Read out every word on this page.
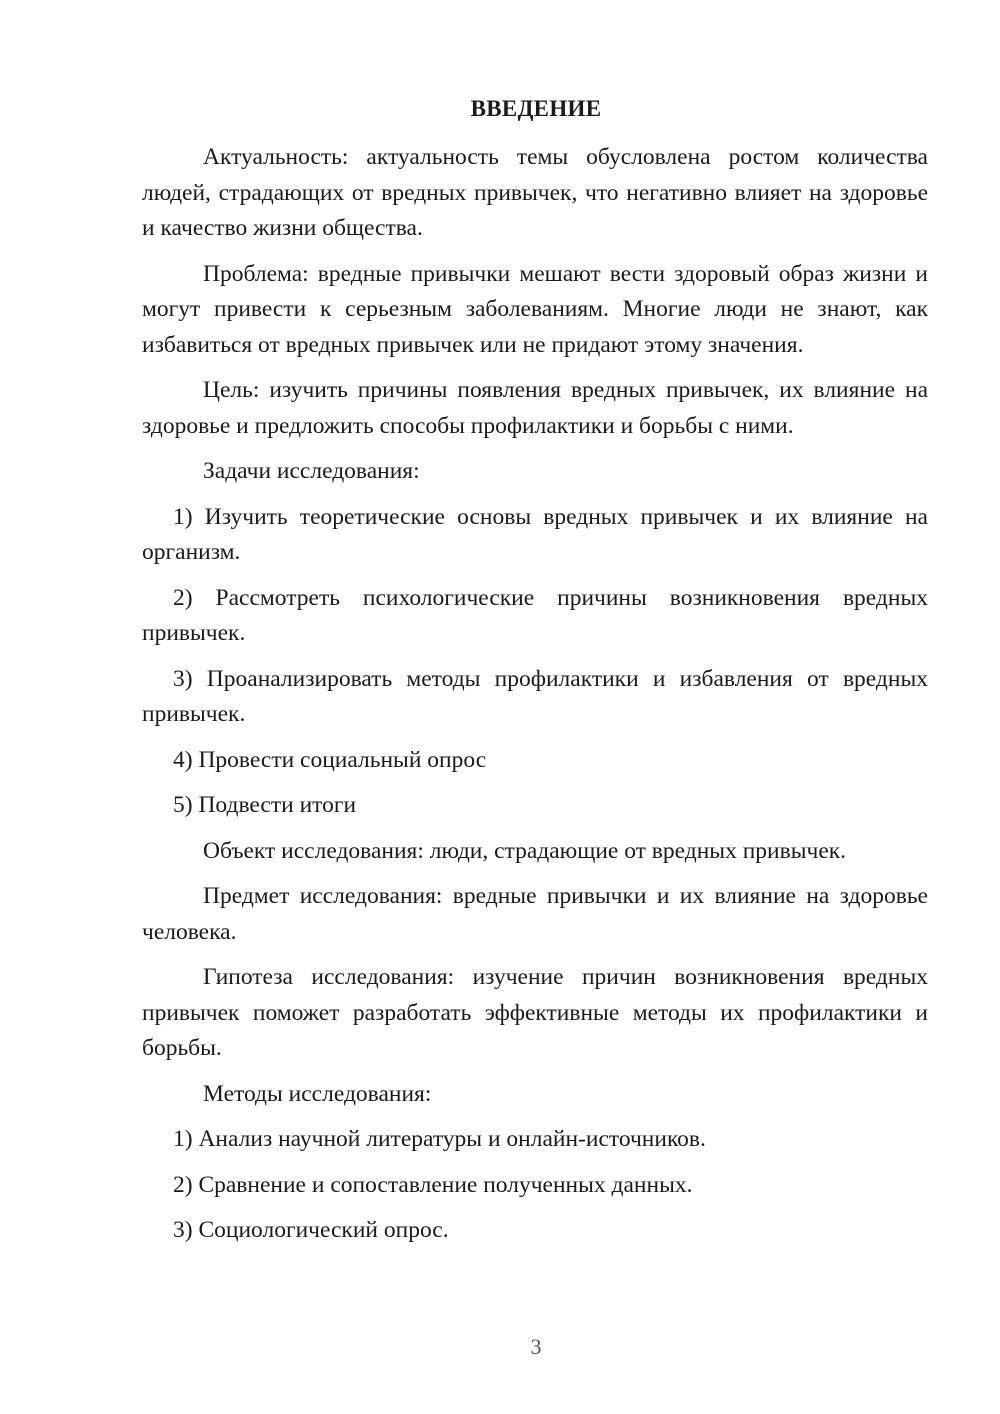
ВВЕДЕНИЕ

Актуальность: актуальность темы обусловлена ростом количества людей, страдающих от вредных привычек, что негативно влияет на здоровье и качество жизни общества.

Проблема: вредные привычки мешают вести здоровый образ жизни и могут привести к серьезным заболеваниям. Многие люди не знают, как избавиться от вредных привычек или не придают этому значения.

Цель: изучить причины появления вредных привычек, их влияние на здоровье и предложить способы профилактики и борьбы с ними.

Задачи исследования:

1) Изучить теоретические основы вредных привычек и их влияние на организм.

2) Рассмотреть психологические причины возникновения вредных привычек.

3) Проанализировать методы профилактики и избавления от вредных привычек.

4) Провести социальный опрос

5) Подвести итоги

Объект исследования: люди, страдающие от вредных привычек.

Предмет исследования: вредные привычки и их влияние на здоровье человека.

Гипотеза исследования: изучение причин возникновения вредных привычек поможет разработать эффективные методы их профилактики и борьбы.

Методы исследования:

1) Анализ научной литературы и онлайн-источников.

2) Сравнение и сопоставление полученных данных.

3) Социологический опрос.

3
